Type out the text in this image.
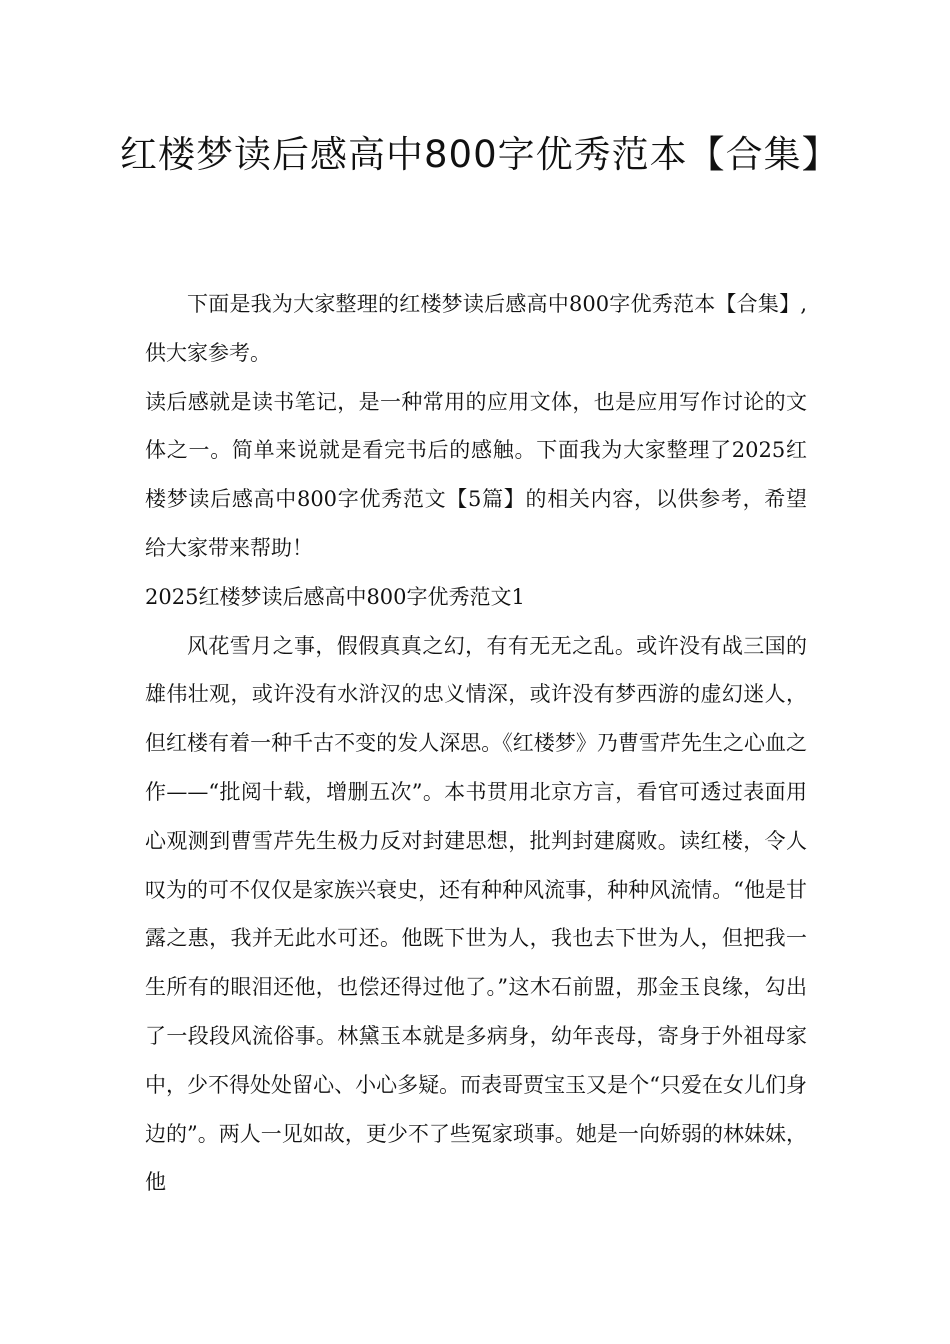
红楼梦读后感高中800字优秀范本【合集】

下面是我为大家整理的红楼梦读后感高中800字优秀范本【合集】,供大家参考。

读后感就是读书笔记，是一种常用的应用文体，也是应用写作讨论的文体之一。简单来说就是看完书后的感触。下面我为大家整理了2025红楼梦读后感高中800字优秀范文【5篇】的相关内容，以供参考，希望给大家带来帮助！

2025红楼梦读后感高中800字优秀范文1

风花雪月之事，假假真真之幻，有有无无之乱。或许没有战三国的雄伟壮观，或许没有水浒汉的忠义情深，或许没有梦西游的虚幻迷人，但红楼有着一种千古不变的发人深思。《红楼梦》乃曹雪芹先生之心血之作——“批阅十载，增删五次”。本书贯用北京方言，看官可透过表面用心观测到曹雪芹先生极力反对封建思想，批判封建腐败。读红楼，令人叹为的可不仅仅是家族兴衰史，还有种种风流事，种种风流情。“他是甘露之惠，我并无此水可还。他既下世为人，我也去下世为人，但把我一生所有的眼泪还他，也偿还得过他了。”这木石前盟，那金玉良缘，勾出了一段段风流俗事。林黛玉本就是多病身，幼年丧母，寄身于外祖母家中，少不得处处留心、小心多疑。而表哥贾宝玉又是个“只爱在女儿们身边的”。两人一见如故，更少不了些冤家琐事。她是一向娇弱的林妹妹，他
